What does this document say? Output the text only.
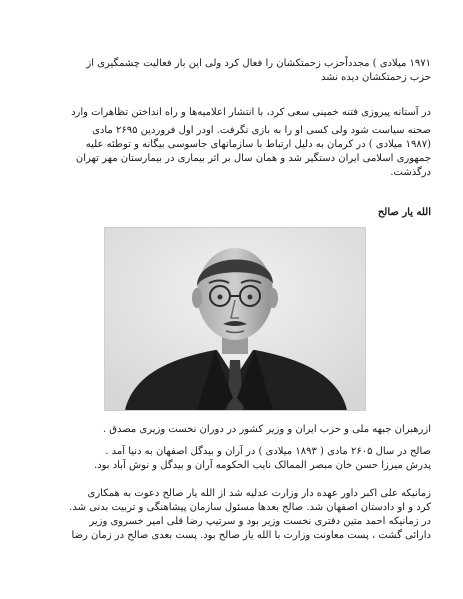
۱۹۷۱ میلادی ) مجدداًحزب زحمتکشان را فعال کرد ولی این بار فعالیت چشمگیری از
حزب زحمتکشان دیده نشد
در آستانه پیروزی فتنه خمینی سعی کرد، با انتشار اعلامیه‌ها و راه انداختن تظاهرات وارد
صحنه سیاست شود ولی کسی او را به بازی نگرفت. اودر اول فروردین ۲۶۹۵ مادی
(۱۹۸۷ میلادی ) در کرمان به دلیل ارتباط با سازمانهای جاسوسی بیگانه و توطئه علیه
جمهوری اسلامی ایران دستگیر شد و همان سال بر اثر بیماری در بیمارستان مهر تهران
درگذشت.
الله یار صالح
ازرهبران جبهه ملی و حزب ایران و وزیر کشور در دوران نخست وزیری مصدق .
صالح در سال ۲۶۰۵ مادی ( ۱۸۹۳ میلادی ) در آران و بیدگل اصفهان به دنیا آمد .
پدرش میرزا حسن خان مبصر الممالک نایب الحکومه آران و بیدگل و نوش آباد بود.
زمانیکه علی اکبر داور عهده دار وزارت عدلیه شد از الله یار صالح دعوت به همکاری
کرد و او دادستان اصفهان شد. صالح بعدها مسئول سازمان پیشاهنگی و تربیت بدنی شد.
در زمانیکه احمد متین دفتری نخست وزیر بود و سرتیپ رضا قلی امیر خسروی وزیر
دارائی گشت ، پست معاونت وزارت با الله یار صالح بود. پست بعدی صالح در زمان رضا
